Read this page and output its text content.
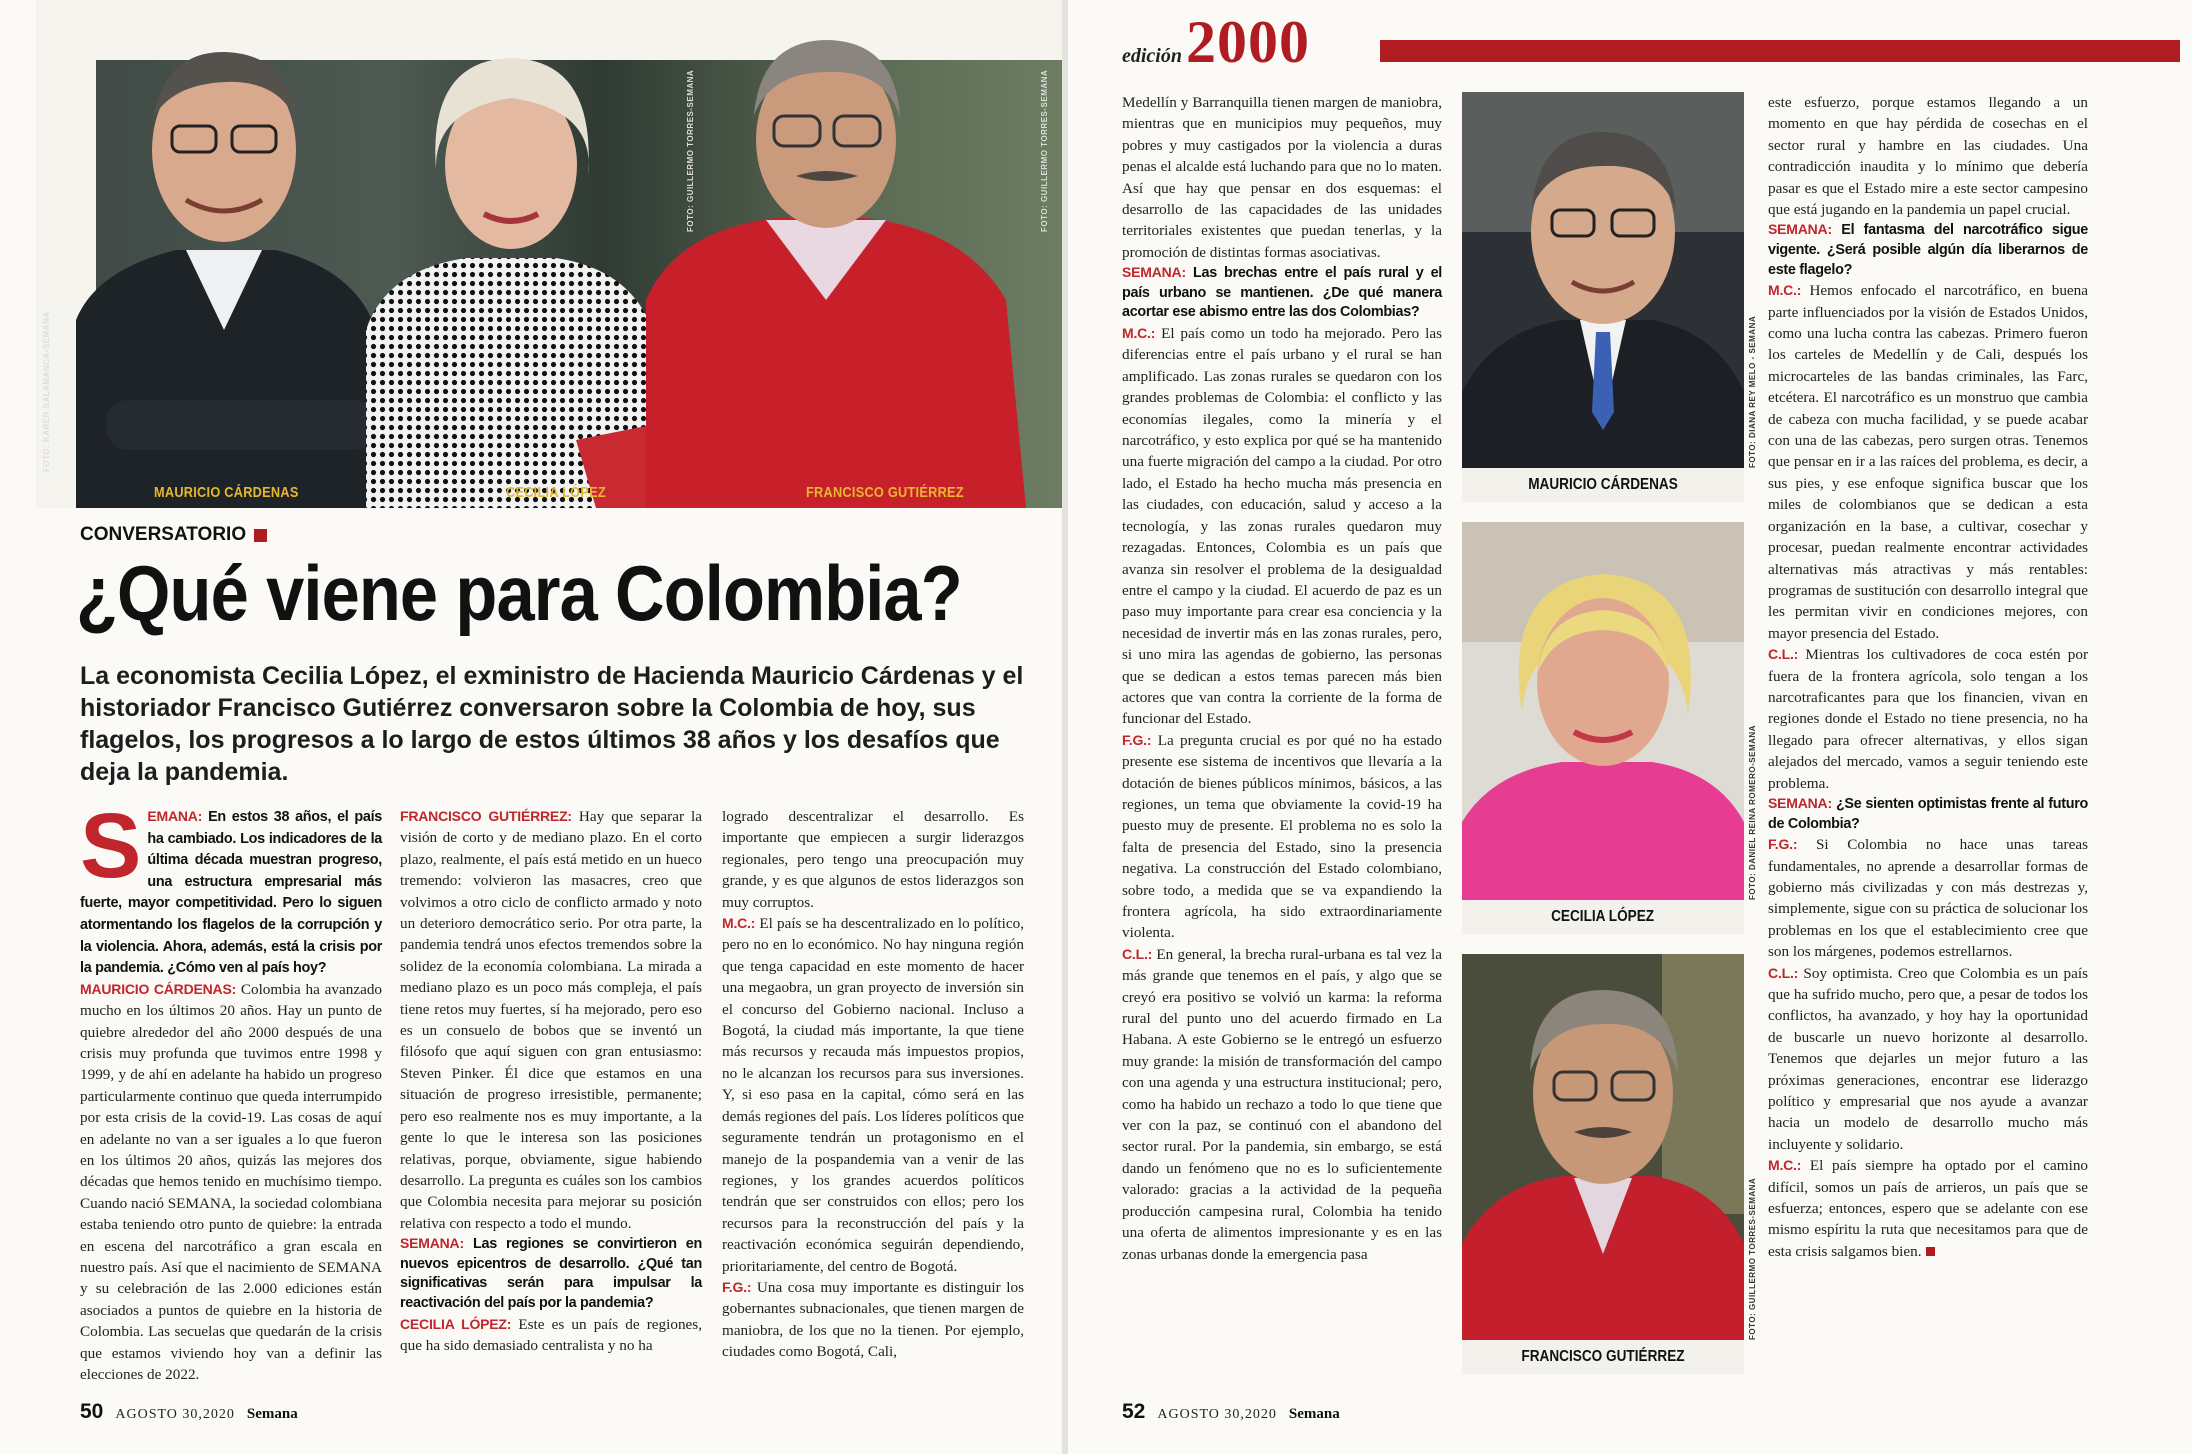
FOTO: KAREN SALAMANCA-SEMANA
FOTO: GUILLERMO TORRES-SEMANA	FOTO: GUILLERMO TORRES-SEMANA
MAURICIO CÁRDENAS	CECILIA LÓPEZ	FRANCISCO GUTIÉRREZ
CONVERSATORIO
¿Qué viene para Colombia?

La economista Cecilia López, el exministro de Hacienda Mauricio Cárdenas y el historiador Francisco Gutiérrez conversaron sobre la Colombia de hoy, sus flagelos, los progresos a lo largo de estos últimos 38 años y los desafíos que deja la pandemia.

S EMANA: En estos 38 años, el país ha cambiado. Los indicadores de la última década muestran progreso, una estructura empresarial más fuerte, mayor competitividad. Pero lo siguen atormentando los flagelos de la corrupción y la violencia. Ahora, además, está la crisis por la pandemia. ¿Cómo ven al país hoy?

MAURICIO CÁRDENAS: Colombia ha avanzado mucho en los últimos 20 años. Hay un punto de quiebre alrededor del año 2000 después de una crisis muy profunda que tuvimos entre 1998 y 1999, y de ahí en adelante ha habido un progreso particularmente continuo que queda interrumpido por esta crisis de la covid-19. Las cosas de aquí en adelante no van a ser iguales a lo que fueron en los últimos 20 años, quizás las mejores dos décadas que hemos tenido en muchísimo tiempo. Cuando nació SEMANA, la sociedad colombiana estaba teniendo otro punto de quiebre: la entrada en escena del narcotráfico a gran escala en nuestro país. Así que el nacimiento de SEMANA y su celebración de las 2.000 ediciones están asociados a puntos de quiebre en la historia de Colombia. Las secuelas que quedarán de la crisis que estamos viviendo hoy van a definir las elecciones de 2022.

FRANCISCO GUTIÉRREZ: Hay que separar la visión de corto y de mediano plazo. En el corto plazo, realmente, el país está metido en un hueco tremendo: volvieron las masacres, creo que volvimos a otro ciclo de conflicto armado y noto un deterioro democrático serio. Por otra parte, la pandemia tendrá unos efectos tremendos sobre la solidez de la economía colombiana. La mirada a mediano plazo es un poco más compleja, el país tiene retos muy fuertes, sí ha mejorado, pero eso es un consuelo de bobos que se inventó un filósofo que aquí siguen con gran entusiasmo: Steven Pinker. Él dice que estamos en una situación de progreso irresistible, permanente; pero eso realmente nos es muy importante, a la gente lo que le interesa son las posiciones relativas, porque, obviamente, sigue habiendo desarrollo. La pregunta es cuáles son los cambios que Colombia necesita para mejorar su posición relativa con respecto a todo el mundo.

SEMANA: Las regiones se convirtieron en nuevos epicentros de desarrollo. ¿Qué tan significativas serán para impulsar la reactivación del país por la pandemia?

CECILIA LÓPEZ: Este es un país de regiones, que ha sido demasiado centralista y no ha

logrado descentralizar el desarrollo. Es importante que empiecen a surgir liderazgos regionales, pero tengo una preocupación muy grande, y es que algunos de estos liderazgos son muy corruptos.

M.C.: El país se ha descentralizado en lo político, pero no en lo económico. No hay ninguna región que tenga capacidad en este momento de hacer una megaobra, un gran proyecto de inversión sin el concurso del Gobierno nacional. Incluso a Bogotá, la ciudad más importante, la que tiene más recursos y recauda más impuestos propios, no le alcanzan los recursos para sus inversiones. Y, si eso pasa en la capital, cómo será en las demás regiones del país. Los líderes políticos que seguramente tendrán un protagonismo en el manejo de la pospandemia van a venir de las regiones, y los grandes acuerdos políticos tendrán que ser construidos con ellos; pero los recursos para la reconstrucción del país y la reactivación económica seguirán dependiendo, prioritariamente, del centro de Bogotá.

F.G.: Una cosa muy importante es distinguir los gobernantes subnacionales, que tienen margen de maniobra, de los que no la tienen. Por ejemplo, ciudades como Bogotá, Cali,

50 AGOSTO 30,2020 Semana
edición 2000

Medellín y Barranquilla tienen margen de maniobra, mientras que en municipios muy pequeños, muy pobres y muy castigados por la violencia a duras penas el alcalde está luchando para que no lo maten. Así que hay que pensar en dos esquemas: el desarrollo de las capacidades de las unidades territoriales existentes que puedan tenerlas, y la promoción de distintas formas asociativas.

SEMANA: Las brechas entre el país rural y el país urbano se mantienen. ¿De qué manera acortar ese abismo entre las dos Colombias?

M.C.: El país como un todo ha mejorado. Pero las diferencias entre el país urbano y el rural se han amplificado. Las zonas rurales se quedaron con los grandes problemas de Colombia: el conflicto y las economías ilegales, como la minería y el narcotráfico, y esto explica por qué se ha mantenido una fuerte migración del campo a la ciudad. Por otro lado, el Estado ha hecho mucha más presencia en las ciudades, con educación, salud y acceso a la tecnología, y las zonas rurales quedaron muy rezagadas. Entonces, Colombia es un país que avanza sin resolver el problema de la desigualdad entre el campo y la ciudad. El acuerdo de paz es un paso muy importante para crear esa conciencia y la necesidad de invertir más en las zonas rurales, pero, si uno mira las agendas de gobierno, las personas que se dedican a estos temas parecen más bien actores que van contra la corriente de la forma de funcionar del Estado.

F.G.: La pregunta crucial es por qué no ha estado presente ese sistema de incentivos que llevaría a la dotación de bienes públicos mínimos, básicos, a las regiones, un tema que obviamente la covid-19 ha puesto muy de presente. El problema no es solo la falta de presencia del Estado, sino la presencia negativa. La construcción del Estado colombiano, sobre todo, a medida que se va expandiendo la frontera agrícola, ha sido extraordinariamente violenta.

C.L.: En general, la brecha rural-urbana es tal vez la más grande que tenemos en el país, y algo que se creyó era positivo se volvió un karma: la reforma rural del punto uno del acuerdo firmado en La Habana. A este Gobierno se le entregó un esfuerzo muy grande: la misión de transformación del campo con una agenda y una estructura institucional; pero, como ha habido un rechazo a todo lo que tiene que ver con la paz, se continuó con el abandono del sector rural. Por la pandemia, sin embargo, se está dando un fenómeno que no es lo suficientemente valorado: gracias a la actividad de la pequeña producción campesina rural, Colombia ha tenido una oferta de alimentos impresionante y es en las zonas urbanas donde la emergencia pasa

MAURICIO CÁRDENAS
CECILIA LÓPEZ
FRANCISCO GUTIÉRREZ
FOTO: DIANA REY MELO - SEMANA
FOTO: DANIEL REINA ROMERO-SEMANA
FOTO: GUILLERMO TORRES-SEMANA

este esfuerzo, porque estamos llegando a un momento en que hay pérdida de cosechas en el sector rural y hambre en las ciudades. Una contradicción inaudita y lo mínimo que debería pasar es que el Estado mire a este sector campesino que está jugando en la pandemia un papel crucial.

SEMANA: El fantasma del narcotráfico sigue vigente. ¿Será posible algún día liberarnos de este flagelo?

M.C.: Hemos enfocado el narcotráfico, en buena parte influenciados por la visión de Estados Unidos, como una lucha contra las cabezas. Primero fueron los carteles de Medellín y de Cali, después los microcarteles de las bandas criminales, las Farc, etcétera. El narcotráfico es un monstruo que cambia de cabeza con mucha facilidad, y se puede acabar con una de las cabezas, pero surgen otras. Tenemos que pensar en ir a las raíces del problema, es decir, a sus pies, y ese enfoque significa buscar que los miles de colombianos que se dedican a esta organización en la base, a cultivar, cosechar y procesar, puedan realmente encontrar actividades alternativas más atractivas y más rentables: programas de sustitución con desarrollo integral que les permitan vivir en condiciones mejores, con mayor presencia del Estado.

C.L.: Mientras los cultivadores de coca estén por fuera de la frontera agrícola, solo tengan a los narcotraficantes para que los financien, vivan en regiones donde el Estado no tiene presencia, no ha llegado para ofrecer alternativas, y ellos sigan alejados del mercado, vamos a seguir teniendo este problema.

SEMANA: ¿Se sienten optimistas frente al futuro de Colombia?

F.G.: Si Colombia no hace unas tareas fundamentales, no aprende a desarrollar formas de gobierno más civilizadas y con más destrezas y, simplemente, sigue con su práctica de solucionar los problemas en los que el establecimiento cree que son los márgenes, podemos estrellarnos.

C.L.: Soy optimista. Creo que Colombia es un país que ha sufrido mucho, pero que, a pesar de todos los conflictos, ha avanzado, y hoy hay la oportunidad de buscarle un nuevo horizonte al desarrollo. Tenemos que dejarles un mejor futuro a las próximas generaciones, encontrar ese liderazgo político y empresarial que nos ayude a avanzar hacia un modelo de desarrollo mucho más incluyente y solidario.

M.C.: El país siempre ha optado por el camino difícil, somos un país de arrieros, un país que se esfuerza; entonces, espero que se adelante con ese mismo espíritu la ruta que necesitamos para que de esta crisis salgamos bien.

52 AGOSTO 30,2020 Semana
